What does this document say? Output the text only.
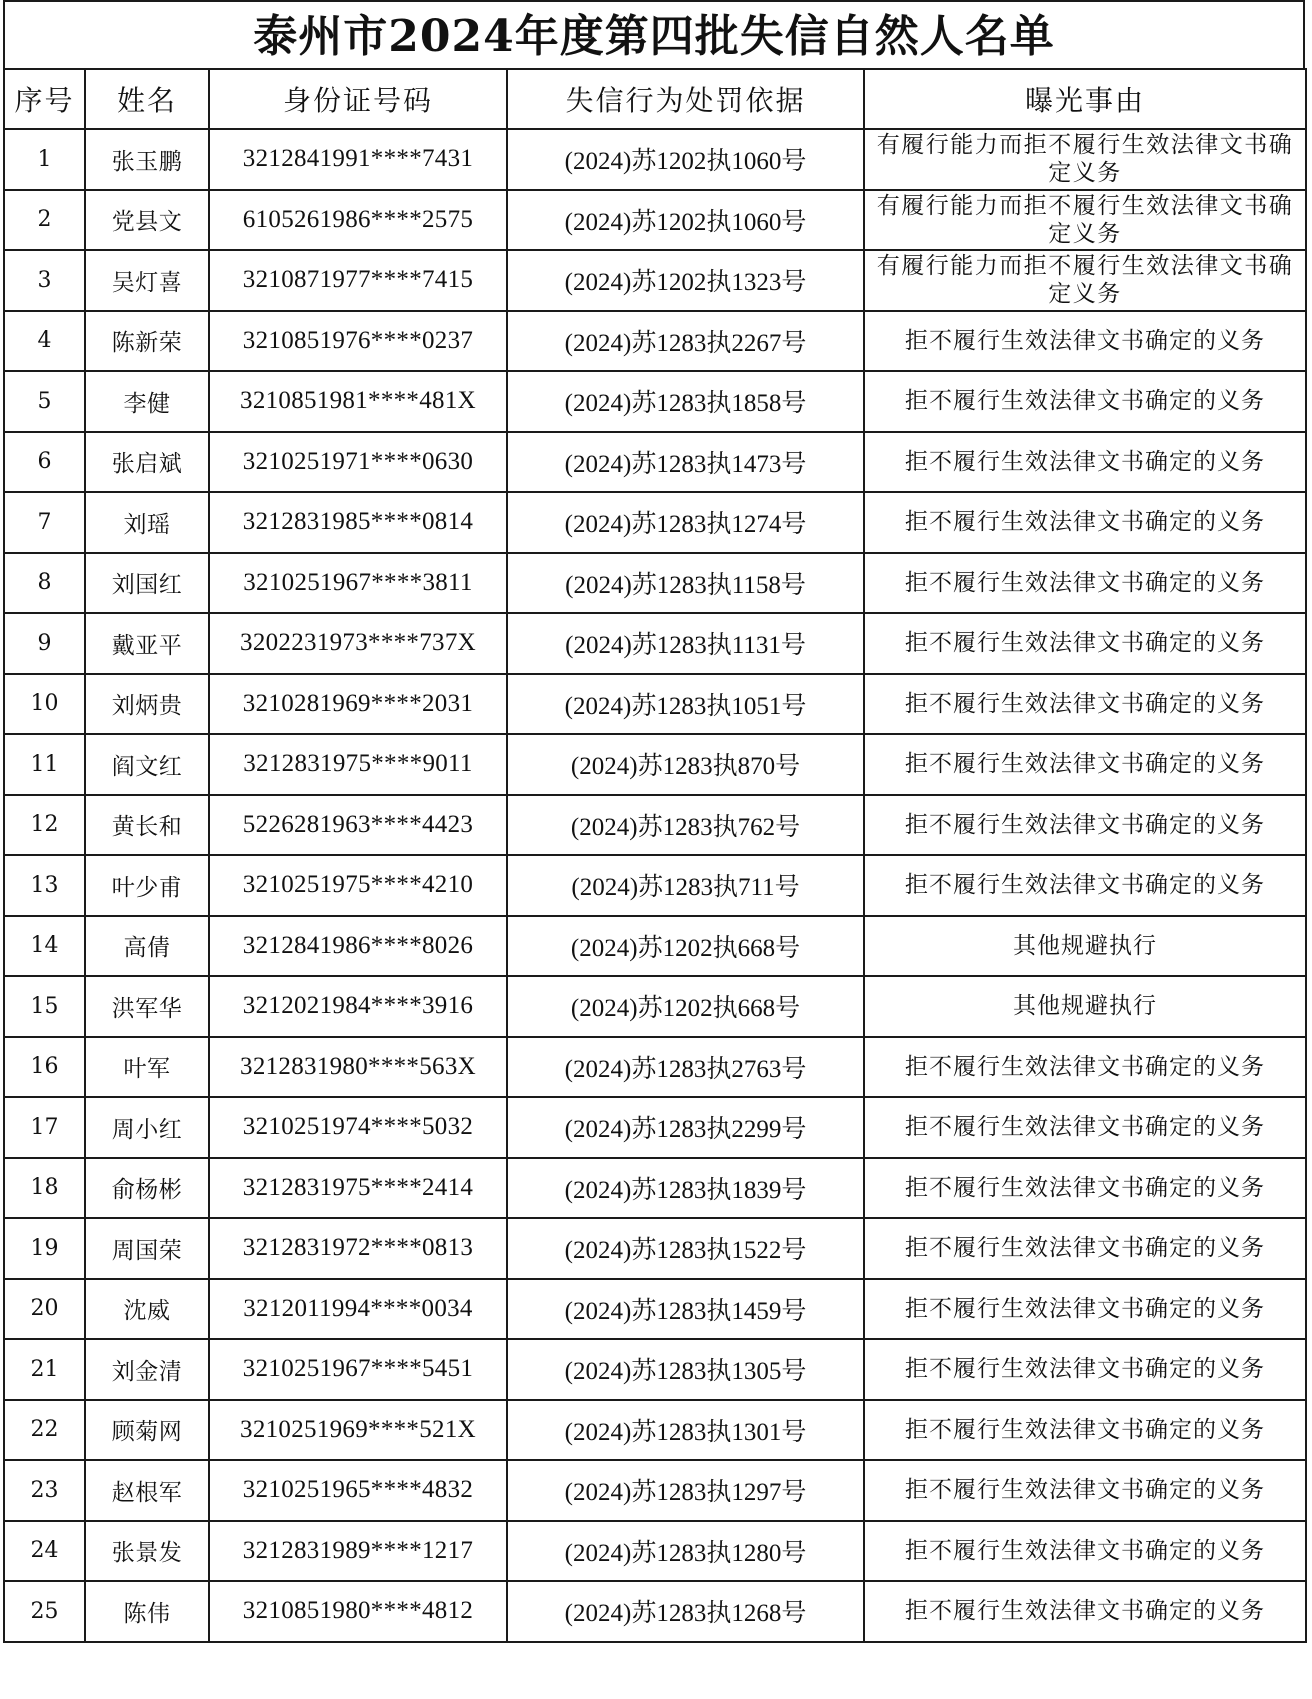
泰州市2024年度第四批失信自然人名单
序号	姓名	身份证号码	失信行为处罚依据	曝光事由
1	张玉鹏	3212841991****7431	(2024)苏1202执1060号	有履行能力而拒不履行生效法律文书确定义务
2	党县文	6105261986****2575	(2024)苏1202执1060号	有履行能力而拒不履行生效法律文书确定义务
3	吴灯喜	3210871977****7415	(2024)苏1202执1323号	有履行能力而拒不履行生效法律文书确定义务
4	陈新荣	3210851976****0237	(2024)苏1283执2267号	拒不履行生效法律文书确定的义务
5	李健	3210851981****481X	(2024)苏1283执1858号	拒不履行生效法律文书确定的义务
6	张启斌	3210251971****0630	(2024)苏1283执1473号	拒不履行生效法律文书确定的义务
7	刘瑶	3212831985****0814	(2024)苏1283执1274号	拒不履行生效法律文书确定的义务
8	刘国红	3210251967****3811	(2024)苏1283执1158号	拒不履行生效法律文书确定的义务
9	戴亚平	3202231973****737X	(2024)苏1283执1131号	拒不履行生效法律文书确定的义务
10	刘炳贵	3210281969****2031	(2024)苏1283执1051号	拒不履行生效法律文书确定的义务
11	阎文红	3212831975****9011	(2024)苏1283执870号	拒不履行生效法律文书确定的义务
12	黄长和	5226281963****4423	(2024)苏1283执762号	拒不履行生效法律文书确定的义务
13	叶少甫	3210251975****4210	(2024)苏1283执711号	拒不履行生效法律文书确定的义务
14	高倩	3212841986****8026	(2024)苏1202执668号	其他规避执行
15	洪军华	3212021984****3916	(2024)苏1202执668号	其他规避执行
16	叶军	3212831980****563X	(2024)苏1283执2763号	拒不履行生效法律文书确定的义务
17	周小红	3210251974****5032	(2024)苏1283执2299号	拒不履行生效法律文书确定的义务
18	俞杨彬	3212831975****2414	(2024)苏1283执1839号	拒不履行生效法律文书确定的义务
19	周国荣	3212831972****0813	(2024)苏1283执1522号	拒不履行生效法律文书确定的义务
20	沈威	3212011994****0034	(2024)苏1283执1459号	拒不履行生效法律文书确定的义务
21	刘金清	3210251967****5451	(2024)苏1283执1305号	拒不履行生效法律文书确定的义务
22	顾菊网	3210251969****521X	(2024)苏1283执1301号	拒不履行生效法律文书确定的义务
23	赵根军	3210251965****4832	(2024)苏1283执1297号	拒不履行生效法律文书确定的义务
24	张景发	3212831989****1217	(2024)苏1283执1280号	拒不履行生效法律文书确定的义务
25	陈伟	3210851980****4812	(2024)苏1283执1268号	拒不履行生效法律文书确定的义务
